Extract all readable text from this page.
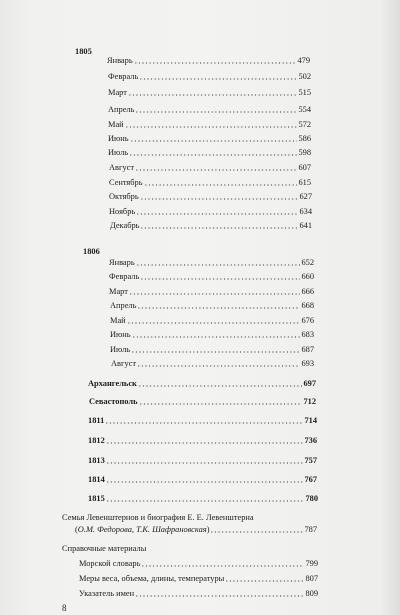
1805
Январь	479
Февраль	502
Март	515
Апрель	554
Май	572
Июнь	586
Июль	598
Август	607
Сентябрь	615
Октябрь	627
Ноябрь	634
Декабрь	641
1806
Январь	652
Февраль	660
Март	666
Апрель	668
Май	676
Июнь	683
Июль	687
Август	693
Архангельск	697
Севастополь	712
1811	714
1812	736
1813	757
1814	767
1815	780
Семья Левенштернов и биография Е. Е. Левенштерна
(О.М. Федорова, Т.К. Шафрановская)	787
Справочные материалы
Морской словарь	799
Меры веса, объема, длины, температуры	807
Указатель имен	809
8
